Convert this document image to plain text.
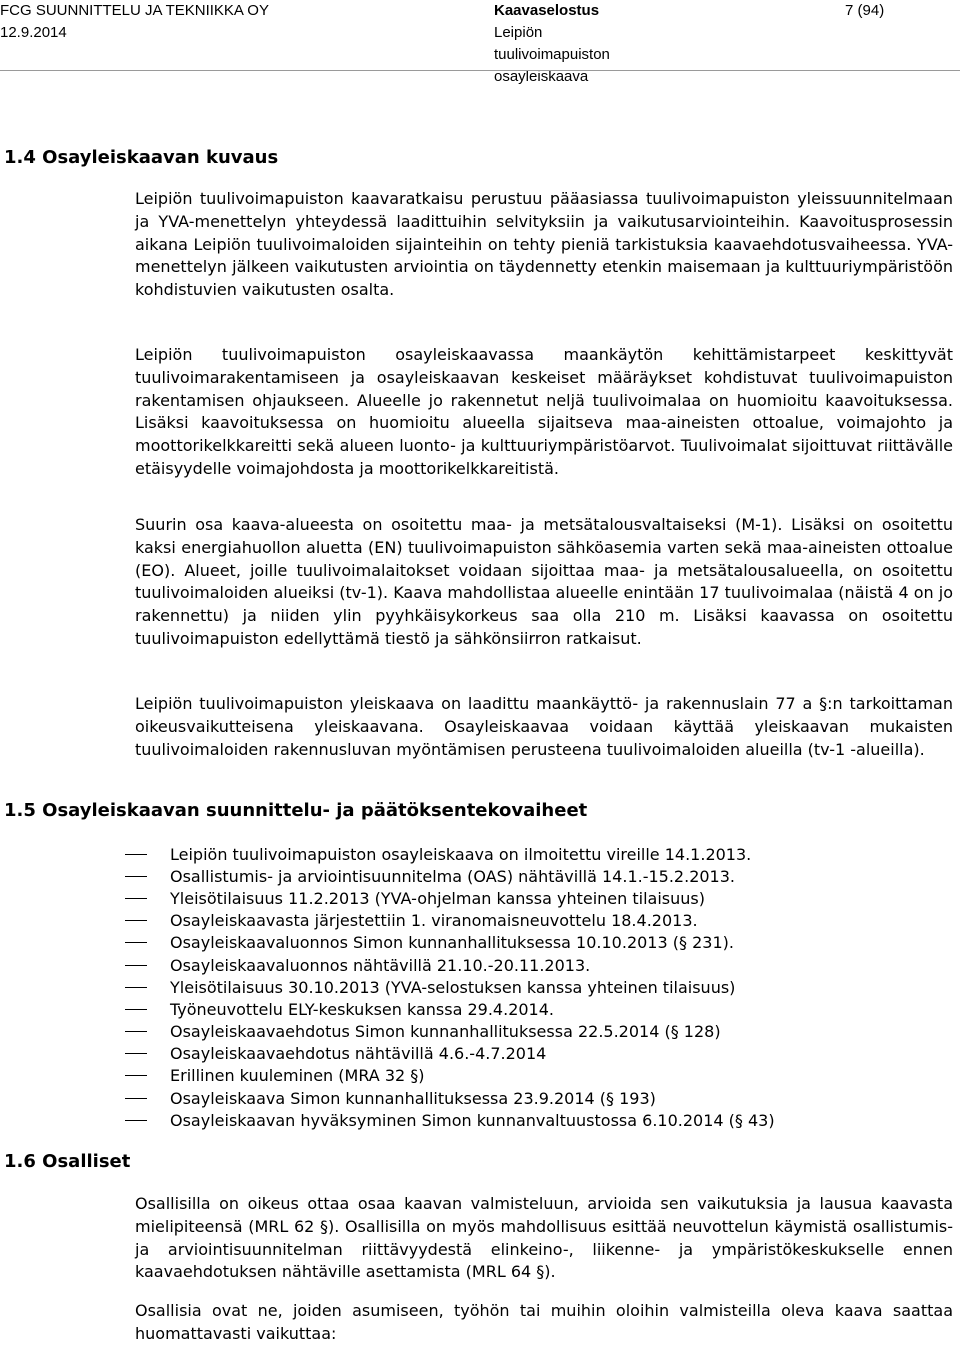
FCG SUUNNITTELU JA TEKNIIKKA OY
12.9.2014
Kaavaselostus
Leipiön
tuulivoimapuiston
osayleiskaava
7 (94)
1.4 Osayleiskaavan kuvaus

Leipiön tuulivoimapuiston kaavaratkaisu perustuu pääasiassa tuulivoimapuiston yleissuunnitelmaan ja YVA-menettelyn yhteydessä laadittuihin selvityksiin ja vaikutusarviointeihin. Kaavoitusprosessin aikana Leipiön tuulivoimaloiden sijainteihin on tehty pieniä tarkistuksia kaavaehdotusvaiheessa. YVA-menettelyn jälkeen vaikutusten arviointia on täydennetty etenkin maisemaan ja kulttuuriympäristöön kohdistuvien vaikutusten osalta.

Leipiön tuulivoimapuiston osayleiskaavassa maankäytön kehittämistarpeet keskittyvät tuulivoimarakentamiseen ja osayleiskaavan keskeiset määräykset kohdistuvat tuulivoimapuiston rakentamisen ohjaukseen. Alueelle jo rakennetut neljä tuulivoimalaa on huomioitu kaavoituksessa. Lisäksi kaavoituksessa on huomioitu alueella sijaitseva maa-aineisten ottoalue, voimajohto ja moottorikelkkareitti sekä alueen luonto- ja kulttuuriympäristöarvot. Tuulivoimalat sijoittuvat riittävälle etäisyydelle voimajohdosta ja moottorikelkkareitistä.

Suurin osa kaava-alueesta on osoitettu maa- ja metsätalousvaltaiseksi (M-1). Lisäksi on osoitettu kaksi energiahuollon aluetta (EN) tuulivoimapuiston sähköasemia varten sekä maa-aineisten ottoalue (EO). Alueet, joille tuulivoimalaitokset voidaan sijoittaa maa- ja metsätalousalueella, on osoitettu tuulivoimaloiden alueiksi (tv-1). Kaava mahdollistaa alueelle enintään 17 tuulivoimalaa (näistä 4 on jo rakennettu) ja niiden ylin pyyhkäisykorkeus saa olla 210 m. Lisäksi kaavassa on osoitettu tuulivoimapuiston edellyttämä tiestö ja sähkönsiirron ratkaisut.

Leipiön tuulivoimapuiston yleiskaava on laadittu maankäyttö- ja rakennuslain 77 a §:n tarkoittaman oikeusvaikutteisena yleiskaavana. Osayleiskaavaa voidaan käyttää yleiskaavan mukaisten tuulivoimaloiden rakennusluvan myöntämisen perusteena tuulivoimaloiden alueilla (tv-1 -alueilla).

1.5 Osayleiskaavan suunnittelu- ja päätöksentekovaiheet
Leipiön tuulivoimapuiston osayleiskaava on ilmoitettu vireille 14.1.2013.
Osallistumis- ja arviointisuunnitelma (OAS) nähtävillä 14.1.-15.2.2013.
Yleisötilaisuus 11.2.2013 (YVA-ohjelman kanssa yhteinen tilaisuus)
Osayleiskaavasta järjestettiin 1. viranomaisneuvottelu 18.4.2013.
Osayleiskaavaluonnos Simon kunnanhallituksessa 10.10.2013 (§ 231).
Osayleiskaavaluonnos nähtävillä 21.10.-20.11.2013.
Yleisötilaisuus 30.10.2013 (YVA-selostuksen kanssa yhteinen tilaisuus)
Työneuvottelu ELY-keskuksen kanssa 29.4.2014.
Osayleiskaavaehdotus Simon kunnanhallituksessa 22.5.2014 (§ 128)
Osayleiskaavaehdotus nähtävillä 4.6.-4.7.2014
Erillinen kuuleminen (MRA 32 §)
Osayleiskaava Simon kunnanhallituksessa 23.9.2014 (§ 193)
Osayleiskaavan hyväksyminen Simon kunnanvaltuustossa 6.10.2014 (§ 43)
1.6 Osalliset

Osallisilla on oikeus ottaa osaa kaavan valmisteluun, arvioida sen vaikutuksia ja lausua kaavasta mielipiteensä (MRL 62 §). Osallisilla on myös mahdollisuus esittää neuvottelun käymistä osallistumis- ja arviointisuunnitelman riittävyydestä elinkeino-, liikenne- ja ympäristökeskukselle ennen kaavaehdotuksen nähtäville asettamista (MRL 64 §).

Osallisia ovat ne, joiden asumiseen, työhön tai muihin oloihin valmisteilla oleva kaava saattaa huomattavasti vaikuttaa:
